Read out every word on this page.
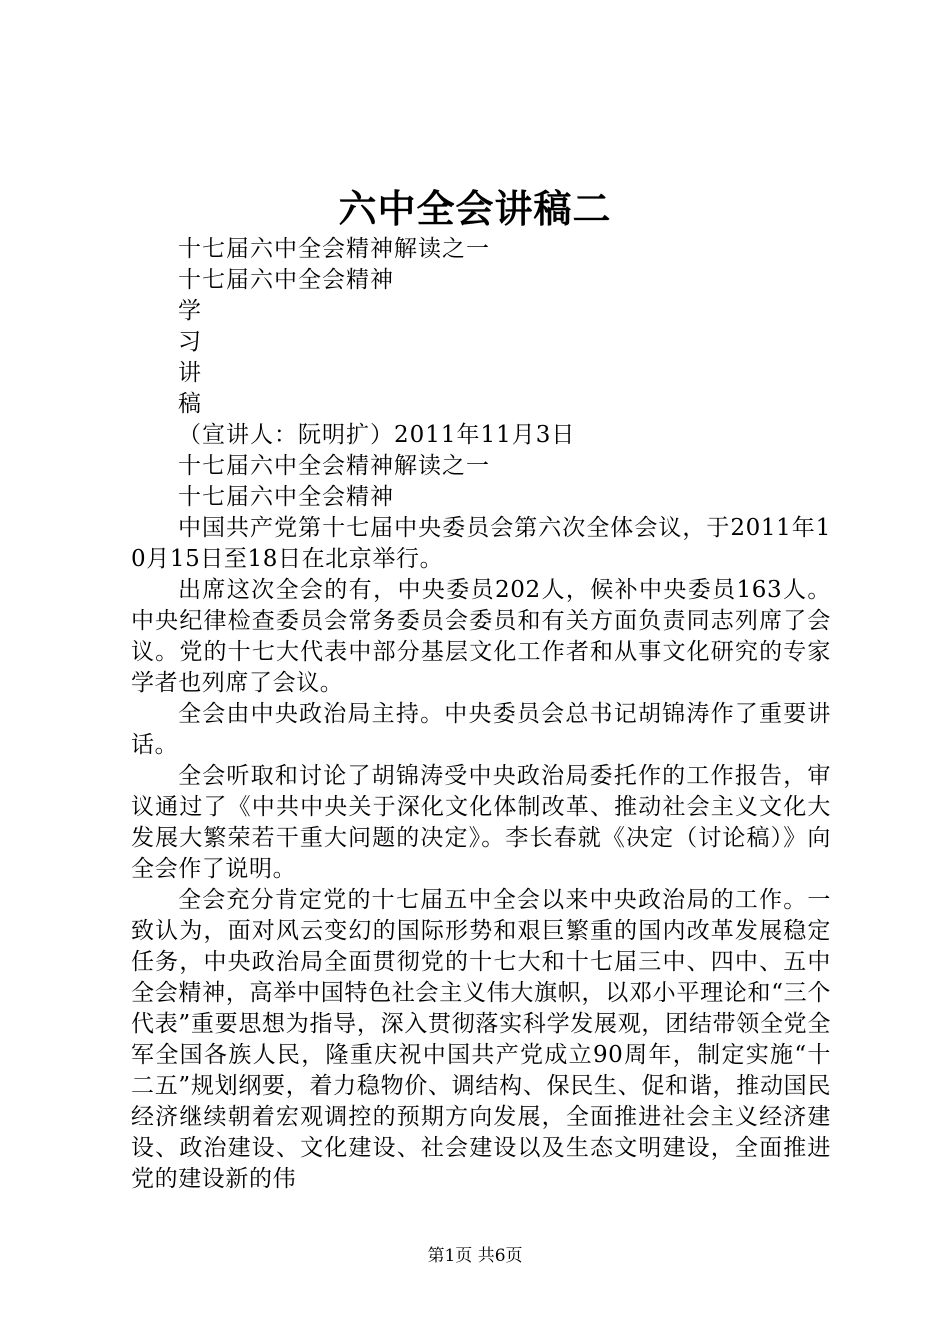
六中全会讲稿二
十七届六中全会精神解读之一
十七届六中全会精神
学
习
讲
稿
（宣讲人：阮明扩）2011年11月3日
十七届六中全会精神解读之一
十七届六中全会精神
中国共产党第十七届中央委员会第六次全体会议，于2011年10月15日至18日在北京举行。
出席这次全会的有，中央委员202人，候补中央委员163人。中央纪律检查委员会常务委员会委员和有关方面负责同志列席了会议。党的十七大代表中部分基层文化工作者和从事文化研究的专家学者也列席了会议。
全会由中央政治局主持。中央委员会总书记胡锦涛作了重要讲话。
全会听取和讨论了胡锦涛受中央政治局委托作的工作报告，审议通过了《中共中央关于深化文化体制改革、推动社会主义文化大发展大繁荣若干重大问题的决定》。李长春就《决定（讨论稿）》向全会作了说明。
全会充分肯定党的十七届五中全会以来中央政治局的工作。一致认为，面对风云变幻的国际形势和艰巨繁重的国内改革发展稳定任务，中央政治局全面贯彻党的十七大和十七届三中、四中、五中全会精神，高举中国特色社会主义伟大旗帜，以邓小平理论和“三个代表”重要思想为指导，深入贯彻落实科学发展观，团结带领全党全军全国各族人民，隆重庆祝中国共产党成立90周年，制定实施“十二五”规划纲要，着力稳物价、调结构、保民生、促和谐，推动国民经济继续朝着宏观调控的预期方向发展，全面推进社会主义经济建设、政治建设、文化建设、社会建设以及生态文明建设，全面推进党的建设新的伟
第1页 共6页
